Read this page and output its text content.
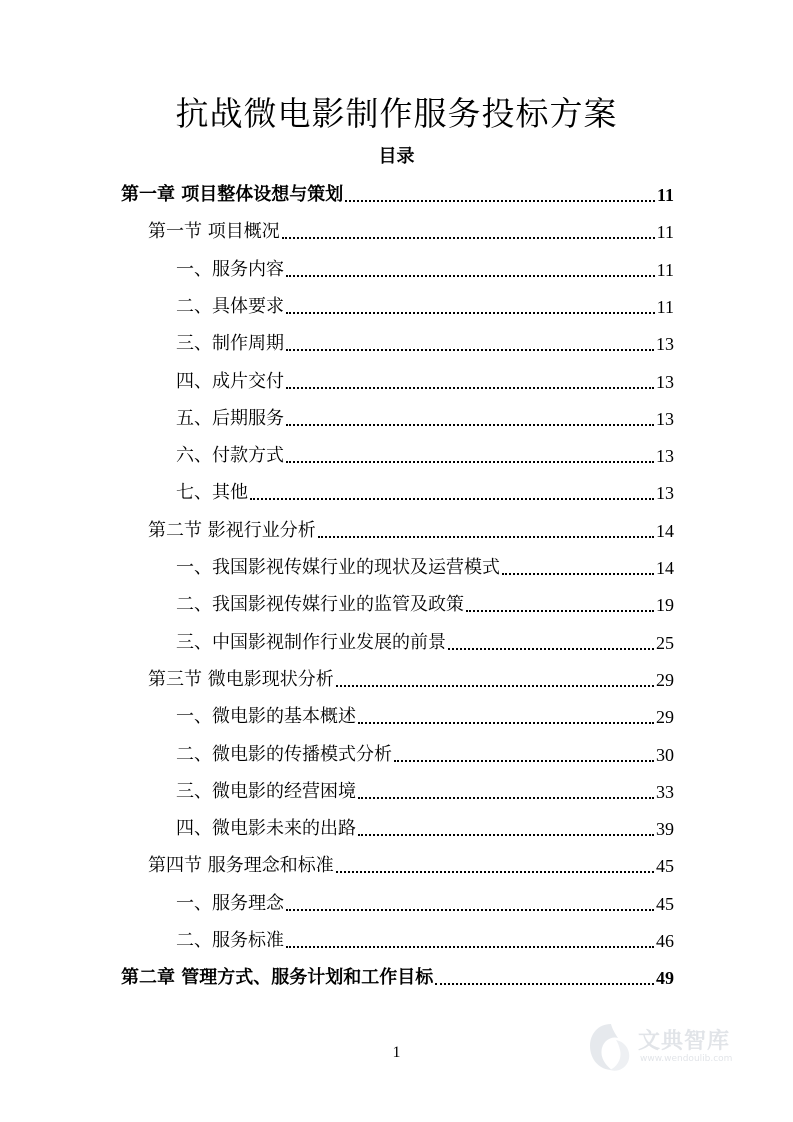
抗战微电影制作服务投标方案
目录
第一章 项目整体设想与策划	11
第一节 项目概况	11
一、服务内容	11
二、具体要求	11
三、制作周期	13
四、成片交付	13
五、后期服务	13
六、付款方式	13
七、其他	13
第二节 影视行业分析	14
一、我国影视传媒行业的现状及运营模式	14
二、我国影视传媒行业的监管及政策	19
三、中国影视制作行业发展的前景	25
第三节 微电影现状分析	29
一、微电影的基本概述	29
二、微电影的传播模式分析	30
三、微电影的经营困境	33
四、微电影未来的出路	39
第四节 服务理念和标准	45
一、服务理念	45
二、服务标准	46
第二章 管理方式、服务计划和工作目标	49
1	文典智库
www.wendoulib.com
